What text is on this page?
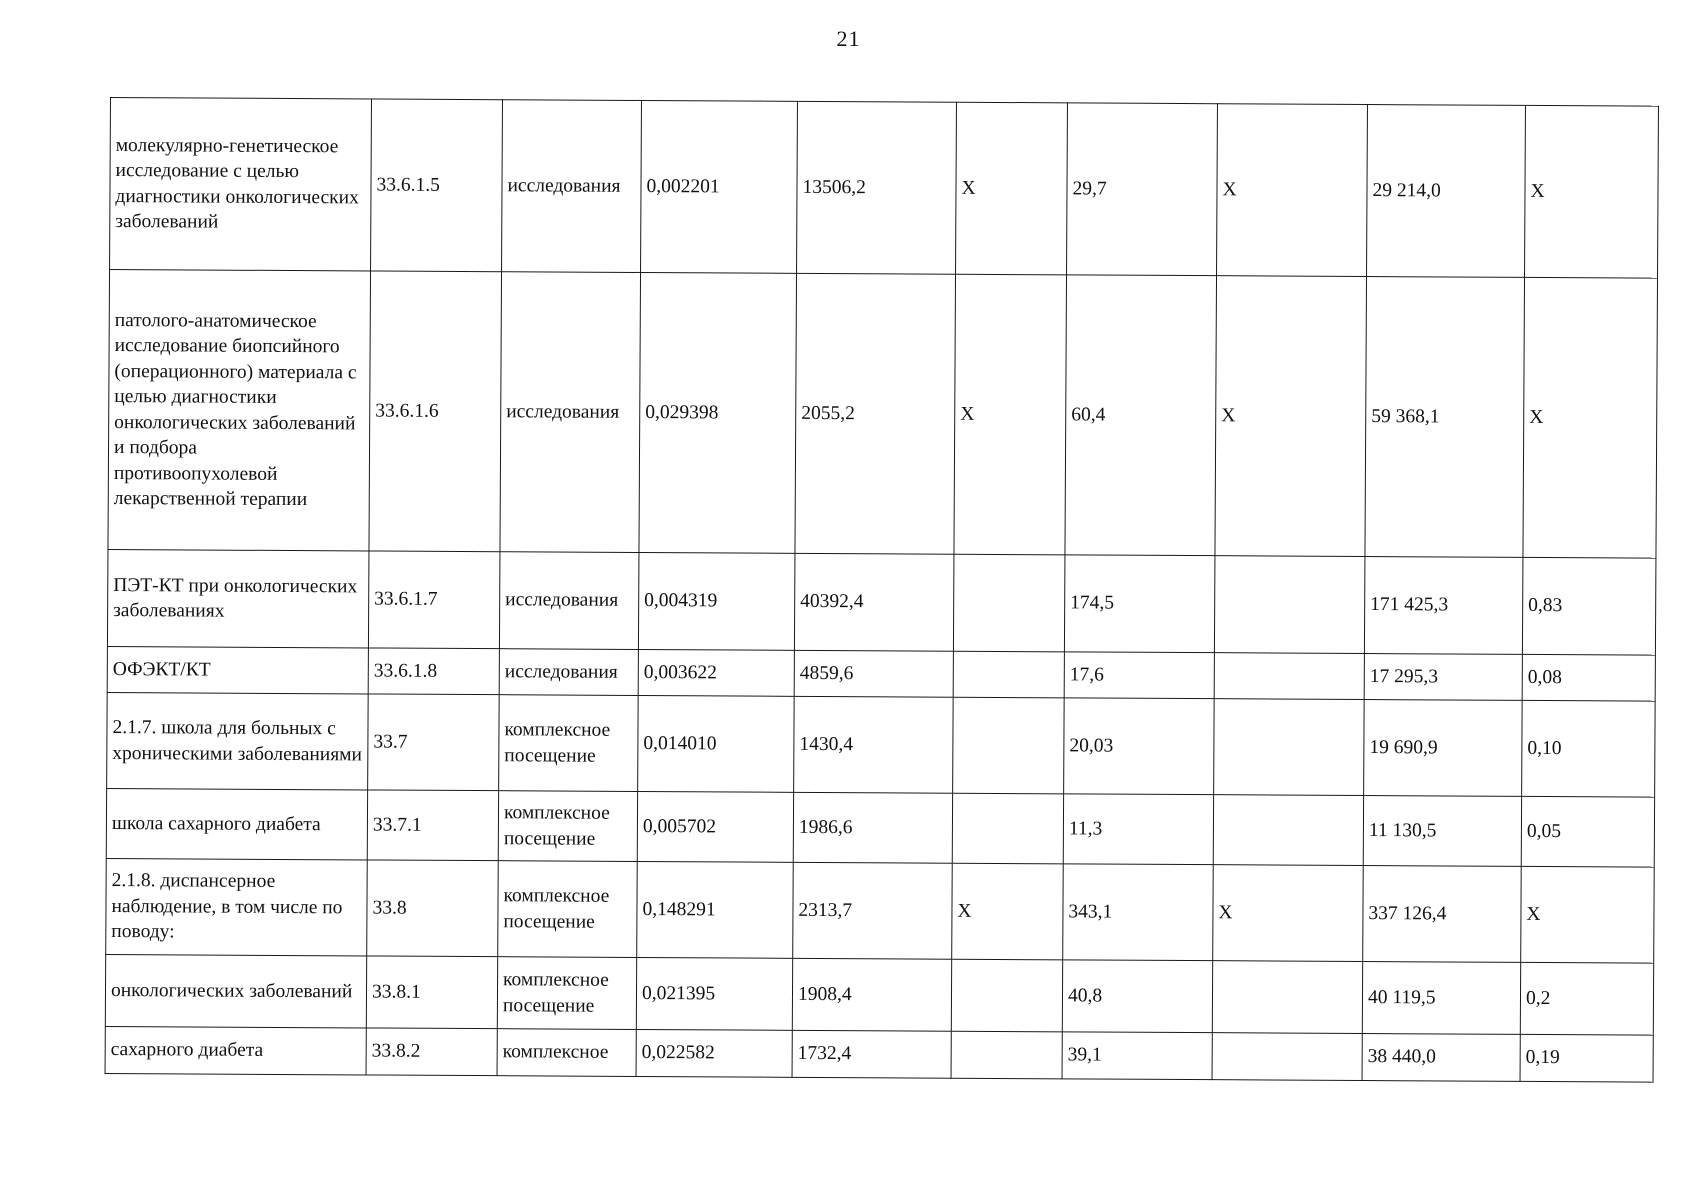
21
молекулярно-генетическое исследование с целью диагностики онкологических заболеваний	33.6.1.5	исследования	0,002201	13506,2	Х	29,7	Х	29 214,0	Х
патолого-анатомическое исследование биопсийного (операционного) материала с целью диагностики онкологических заболеваний и подбора противоопухолевой лекарственной терапии	33.6.1.6	исследования	0,029398	2055,2	Х	60,4	Х	59 368,1	Х
ПЭТ-КТ при онкологических заболеваниях	33.6.1.7	исследования	0,004319	40392,4		174,5		171 425,3	0,83
ОФЭКТ/КТ	33.6.1.8	исследования	0,003622	4859,6		17,6		17 295,3	0,08
2.1.7. школа для больных с хроническими заболеваниями	33.7	комплексное посещение	0,014010	1430,4		20,03		19 690,9	0,10
школа сахарного диабета	33.7.1	комплексное посещение	0,005702	1986,6		11,3		11 130,5	0,05
2.1.8. диспансерное наблюдение, в том числе по поводу:	33.8	комплексное посещение	0,148291	2313,7	Х	343,1	Х	337 126,4	Х
онкологических заболеваний	33.8.1	комплексное посещение	0,021395	1908,4		40,8		40 119,5	0,2
сахарного диабета	33.8.2	комплексное	0,022582	1732,4		39,1		38 440,0	0,19
